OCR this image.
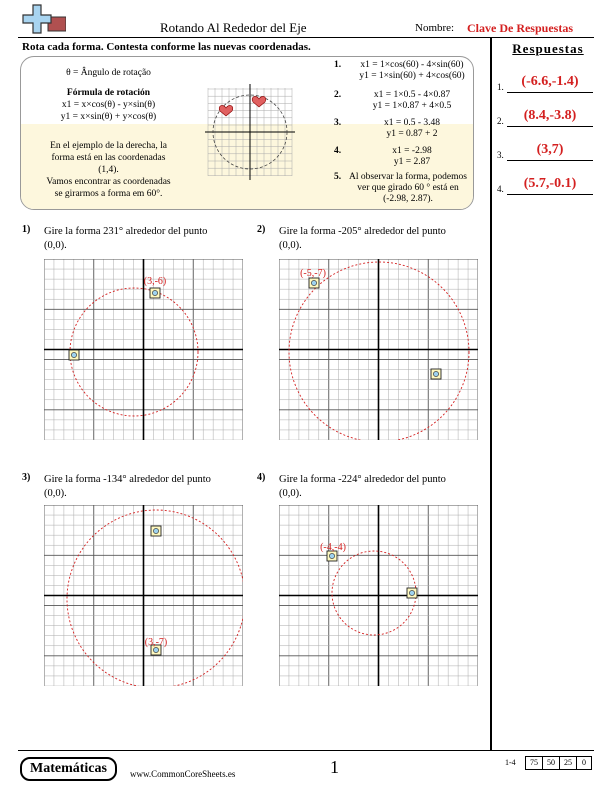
Rotando Al Rededor del Eje	Nombre: Clave De Respuestas
Rota cada forma. Contesta conforme las nuevas coordenadas.	Respuestas
1.	(-6.6,-1.4)
2.	(8.4,-3.8)
3.	(3,7)
4.	(5.7,-0.1)
θ = Ângulo de rotação
Fórmula de rotación
x1 = x×cos(θ) - y×sin(θ)
y1 = x×sin(θ) + y×cos(θ)
En el ejemplo de la derecha, la
forma está en las coordenadas
(1,4).
Vamos encontrar as coordenadas
se girarmos a forma em 60°.
1.	x1 = 1×cos(60) - 4×sin(60)
y1 = 1×sin(60) + 4×cos(60)
2.	x1 = 1×0.5 - 4×0.87
y1 = 1×0.87 + 4×0.5
3.	x1 = 0.5 - 3.48
y1 = 0.87 + 2
4.	x1 = -2.98
y1 = 2.87
5. Al observar la forma, podemos
ver que girado 60 ° está en
(-2.98, 2.87).
1) Gire la forma 231° alrededor del punto
(0,0).
(3,-6)
2) Gire la forma -205° alrededor del punto
(0,0).
(-5,-7)
3) Gire la forma -134° alrededor del punto
(0,0).
(3,-7)
4) Gire la forma -224° alrededor del punto
(0,0).
(-4,-4)
Matemáticas	www.CommonCoreSheets.es	1	1-4	75	50	25	0
